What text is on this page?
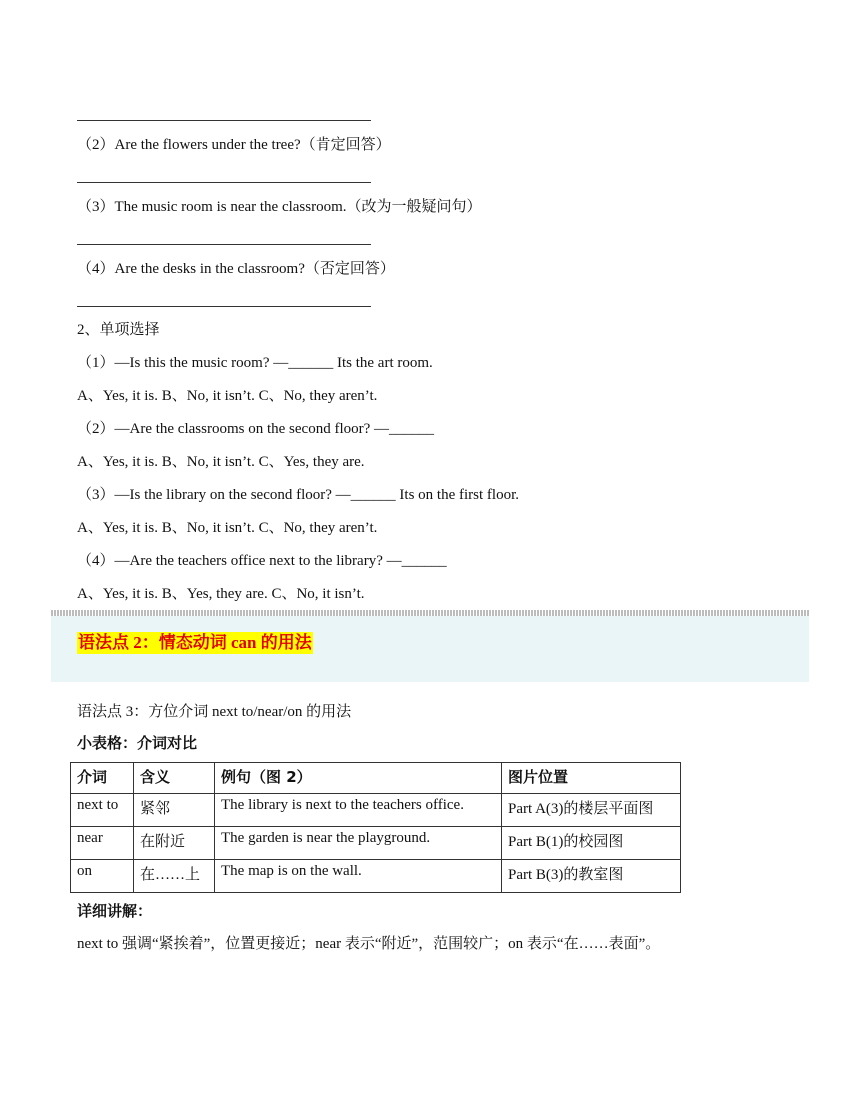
（2）Are the flowers under the tree?（肯定回答）
（3）The music room is near the classroom.（改为一般疑问句）
（4）Are the desks in the classroom?（否定回答）
2、单项选择
（1）—Is this the music room? —______ Its the art room.
A、Yes, it is. B、No, it isn’t. C、No, they aren’t.
（2）—Are the classrooms on the second floor? —______
A、Yes, it is. B、No, it isn’t. C、Yes, they are.
（3）—Is the library on the second floor? —______ Its on the first floor.
A、Yes, it is. B、No, it isn’t. C、No, they aren’t.
（4）—Are the teachers office next to the library? —______
A、Yes, it is. B、Yes, they are. C、No, it isn’t.
语法点 2：情态动词 can 的用法
语法点 3：方位介词 next to/near/on 的用法
小表格：介词对比
介词	含义	例句（图 2）	图片位置
next to	紧邻	The library is next to the teachers office.	Part A(3)的楼层平面图
near	在附近	The garden is near the playground.	Part B(1)的校园图
on	在……上	The map is on the wall.	Part B(3)的教室图
详细讲解：
next to 强调“紧挨着”，位置更接近；near 表示“附近”，范围较广；on 表示“在……表面”。
